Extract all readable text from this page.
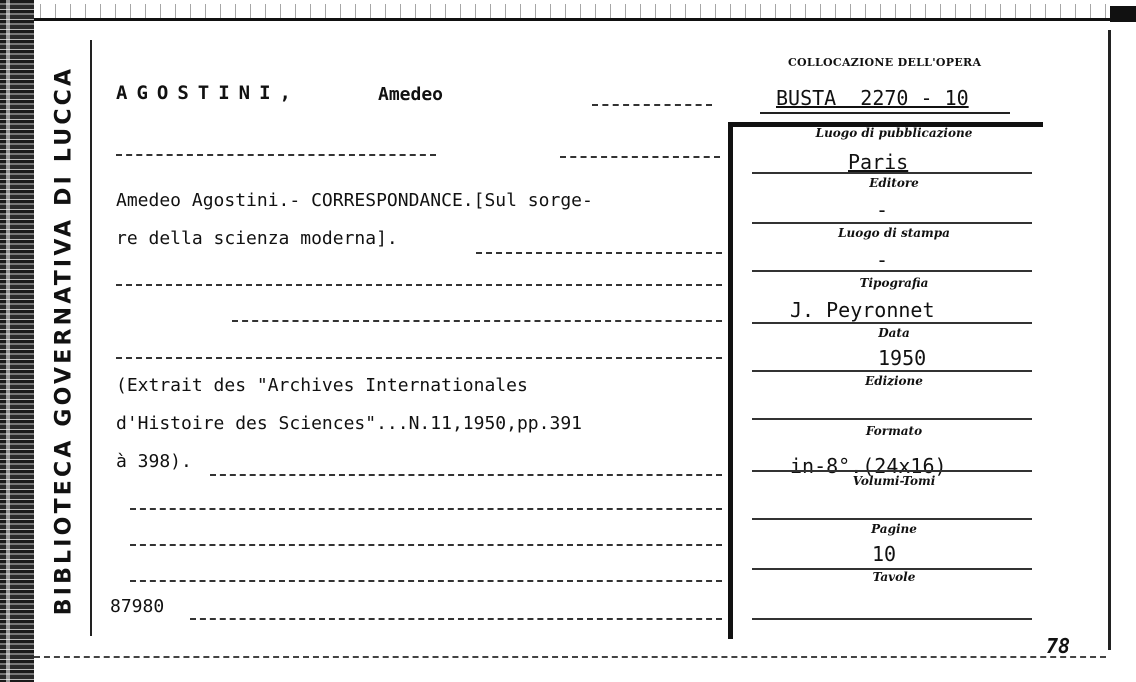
BIBLIOTECA GOVERNATIVA DI LUCCA AGOSTINI,	Amedeo
Amedeo Agostini.- CORRESPONDANCE.[Sul sorge-
re della scienza moderna].
(Extrait des "Archives Internationales
d'Histoire des Sciences"...N.11,1950,pp.391
à 398).
87980
COLLOCAZIONE DELL'OPERA
BUSTA  2270 - 10
Luogo di pubblicazione
Paris
Editore
-
Luogo di stampa
-
Tipografia
J. Peyronnet
Data
1950
Edizione
Formato
in-8°.(24x16)
Volumi-Tomi
Pagine
10
Tavole
78
